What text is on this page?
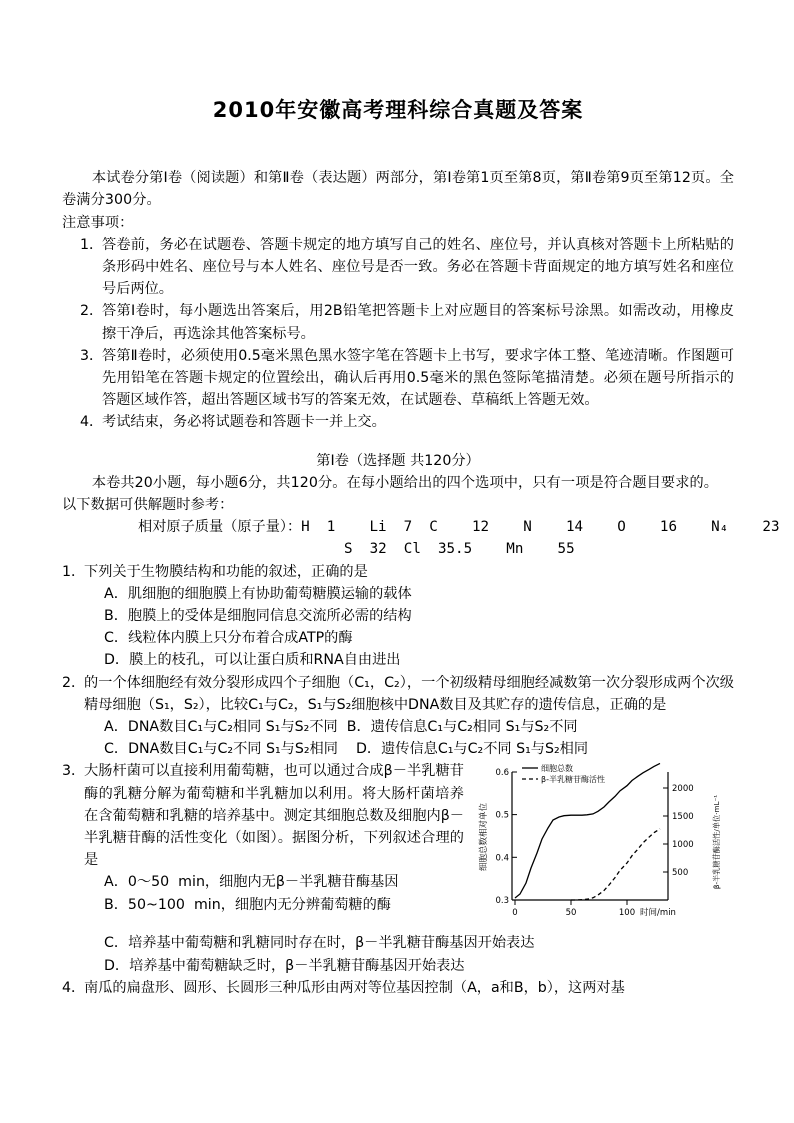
2010年安徽高考理科综合真题及答案

本试卷分第Ⅰ卷（阅读题）和第Ⅱ卷（表达题）两部分，第Ⅰ卷第1页至第8页，第Ⅱ卷第9页至第12页。全卷满分300分。

注意事项：

1．
答卷前，务必在试题卷、答题卡规定的地方填写自己的姓名、座位号，并认真核对答题卡上所粘贴的条形码中姓名、座位号与本人姓名、座位号是否一致。务必在答题卡背面规定的地方填写姓名和座位号后两位。
2．
答第Ⅰ卷时，每小题选出答案后，用2B铅笔把答题卡上对应题目的答案标号涂黑。如需改动，用橡皮擦干净后，再选涂其他答案标号。
3．
答第Ⅱ卷时，必须使用0.5毫米黑色黑水签字笔在答题卡上书写，要求字体工整、笔迹清晰。作图题可先用铅笔在答题卡规定的位置绘出，确认后再用0.5毫米的黑色签际笔描清楚。必须在题号所指示的答题区域作答，超出答题区域书写的答案无效，在试题卷、草稿纸上答题无效。
4．
考试结束，务必将试题卷和答题卡一并上交。

第Ⅰ卷（选择题 共120分）

本卷共20小题，每小题6分，共120分。在每小题给出的四个选项中，只有一项是符合题目要求的。

以下数据可供解题时参考：

相对原子质量（原子量）：H  1    Li  7  C    12    N    14    O    16    N₄    23

S  32  Cl  35.5    Mn    55

1．
下列关于生物膜结构和功能的叙述，正确的是

A．肌细胞的细胞膜上有协助葡萄糖膜运输的载体

B．胞膜上的受体是细胞同信息交流所必需的结构

C．线粒体内膜上只分布着合成ATP的酶

D．膜上的枝孔，可以让蛋白质和RNA自由进出

2．
的一个体细胞经有效分裂形成四个子细胞（C₁，C₂），一个初级精母细胞经减数第一次分裂形成两个次级精母细胞（S₁，S₂），比较C₁与C₂，S₁与S₂细胞核中DNA数目及其贮存的遗传信息，正确的是

A．DNA数目C₁与C₂相同 S₁与S₂不同  B．遗传信息C₁与C₂相同 S₁与S₂不同

C．DNA数目C₁与C₂不同 S₁与S₂相同    D．遗传信息C₁与C₂不同 S₁与S₂相同

0.3
0.4
0.5
0.6
500
1000
1500
2000
0	50	100 时间/min
细胞总数相对单位	β-半乳糖苷酶活性/单位·mL⁻¹
细胞总数
β-半乳糖苷酶活性
3．
大肠杆菌可以直接利用葡萄糖，也可以通过合成β－半乳糖苷酶的乳糖分解为葡萄糖和半乳糖加以利用。将大肠杆菌培养在含葡萄糖和乳糖的培养基中。测定其细胞总数及细胞内β－半乳糖苷酶的活性变化（如图）。据图分析，下列叙述合理的是

A．0～50  min，细胞内无β－半乳糖苷酶基因

B．50~100  min，细胞内无分辨葡萄糖的酶

C．培养基中葡萄糖和乳糖同时存在时，β－半乳糖苷酶基因开始表达

D．培养基中葡萄糖缺乏时，β－半乳糖苷酶基因开始表达

4．
南瓜的扁盘形、圆形、长圆形三种瓜形由两对等位基因控制（A，a和B，b），这两对基
